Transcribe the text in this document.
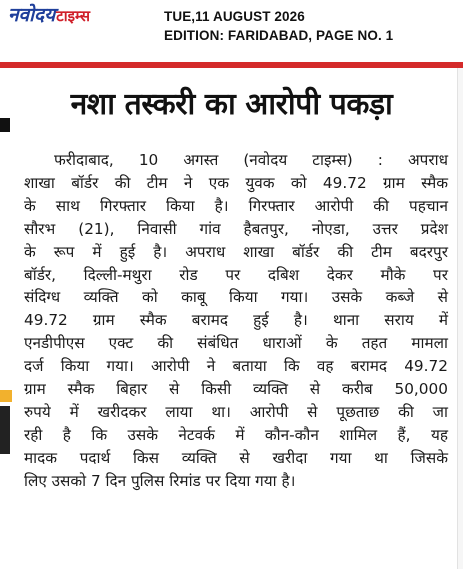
नवोदयटाइम्स	TUE,11 AUGUST 2026
EDITION: FARIDABAD, PAGE NO. 1
नशा तस्करी का आरोपी पकड़ा
फरीदाबाद, 10 अगस्त (नवोदय टाइम्स) : अपराध
शाखा बॉर्डर की टीम ने एक युवक को 49.72 ग्राम स्मैक
के साथ गिरफ्तार किया है। गिरफ्तार आरोपी की पहचान
सौरभ (21), निवासी गांव हैबतपुर, नोएडा, उत्तर प्रदेश
के रूप में हुई है। अपराध शाखा बॉर्डर की टीम बदरपुर
बॉर्डर, दिल्ली-मथुरा रोड पर दबिश देकर मौके पर
संदिग्ध व्यक्ति को काबू किया गया। उसके कब्जे से
49.72 ग्राम स्मैक बरामद हुई है। थाना सराय में
एनडीपीएस एक्ट की संबंधित धाराओं के तहत मामला
दर्ज किया गया। आरोपी ने बताया कि वह बरामद 49.72
ग्राम स्मैक बिहार से किसी व्यक्ति से करीब 50,000
रुपये में खरीदकर लाया था। आरोपी से पूछताछ की जा
रही है कि उसके नेटवर्क में कौन-कौन शामिल हैं, यह
मादक पदार्थ किस व्यक्ति से खरीदा गया था जिसके
लिए उसको 7 दिन पुलिस रिमांड पर दिया गया है।
